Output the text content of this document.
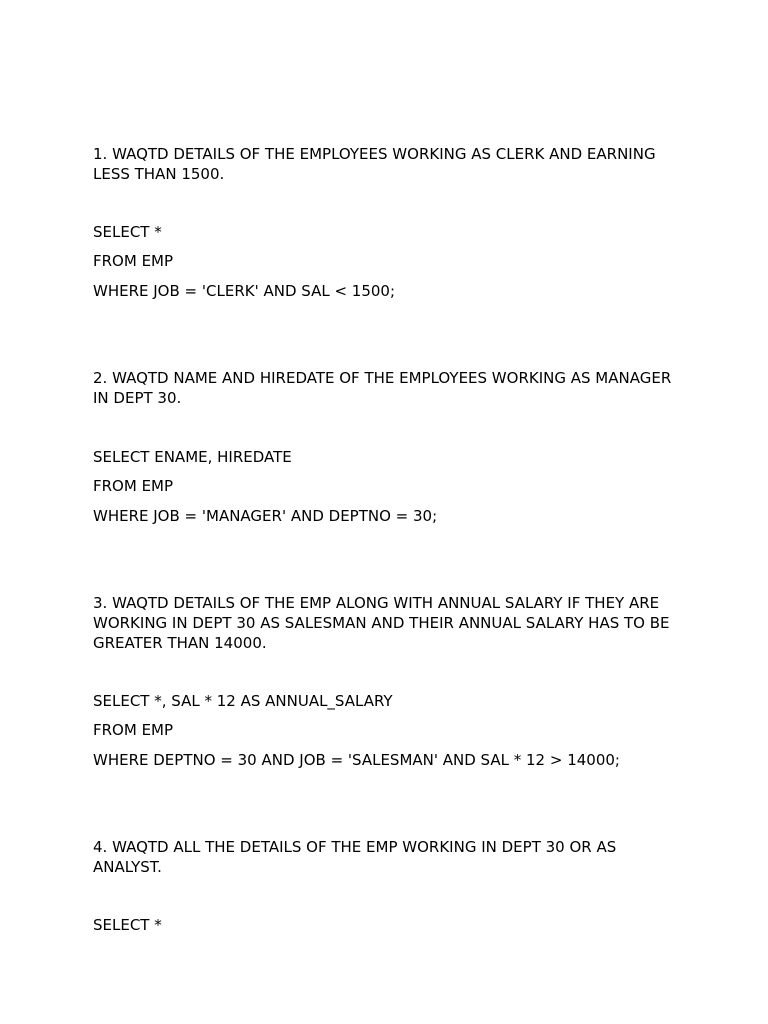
1. WAQTD DETAILS OF THE EMPLOYEES WORKING AS CLERK AND EARNING LESS THAN 1500.

SELECT *

FROM EMP

WHERE JOB = 'CLERK' AND SAL < 1500;

2. WAQTD NAME AND HIREDATE OF THE EMPLOYEES WORKING AS MANAGER IN DEPT 30.

SELECT ENAME, HIREDATE

FROM EMP

WHERE JOB = 'MANAGER' AND DEPTNO = 30;

3. WAQTD DETAILS OF THE EMP ALONG WITH ANNUAL SALARY IF THEY ARE WORKING IN DEPT 30 AS SALESMAN AND THEIR ANNUAL SALARY HAS TO BE GREATER THAN 14000.

SELECT *, SAL * 12 AS ANNUAL_SALARY

FROM EMP

WHERE DEPTNO = 30 AND JOB = 'SALESMAN' AND SAL * 12 > 14000;

4. WAQTD ALL THE DETAILS OF THE EMP WORKING IN DEPT 30 OR AS ANALYST.

SELECT *
